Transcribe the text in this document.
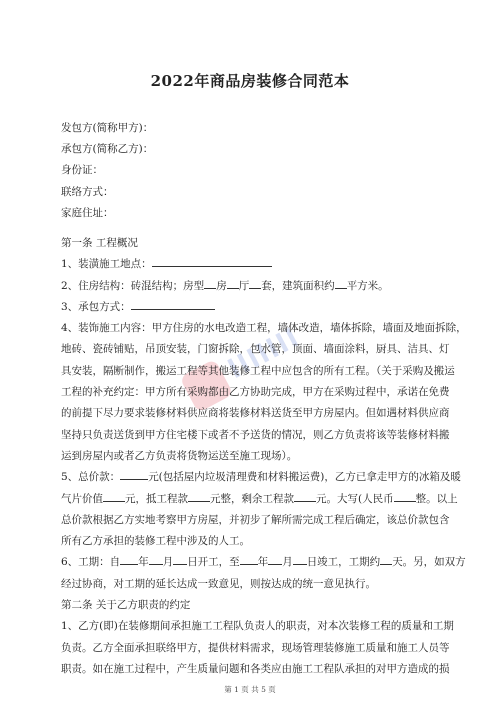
lllllll
2022年商品房装修合同范本
发包方(简称甲方)：
承包方(简称乙方)：
身份证：
联络方式：
家庭住址：
第一条 工程概况
1、装潢施工地点：
2、住房结构：砖混结构；房型 房 厅 套，建筑面积约 平方米。
3、承包方式：
4、装饰施工内容：甲方住房的水电改造工程，墙体改造，墙体拆除，墙面及地面拆除，
地砖、瓷砖铺贴，吊顶安装，门窗拆除，包水管，顶面、墙面涂料，厨具、洁具、灯
具安装，隔断制作，搬运工程等其他装修工程中应包含的所有工程。（关于采购及搬运
工程的补充约定：甲方所有采购都由乙方协助完成，甲方在采购过程中，承诺在免费
的前提下尽力要求装修材料供应商将装修材料送货至甲方房屋内。但如遇材料供应商
坚持只负责送货到甲方住宅楼下或者不予送货的情况，则乙方负责将该等装修材料搬
运到房屋内或者乙方负责将货物运送至施工现场）。
5、总价款：	元(包括屋内垃圾清理费和材料搬运费)，乙方已拿走甲方的冰箱及暖
气片价值 元，抵工程款 元整，剩余工程款 元。大写(人民币 整。以上
总价款根据乙方实地考察甲方房屋，并初步了解所需完成工程后确定，该总价款包含
所有乙方承担的装修工程中涉及的人工。
6、工期：自 年 月 日开工，至 年 月 日竣工，工期约 天。另，如双方
经过协商，对工期的延长达成一致意见，则按达成的统一意见执行。
第二条 关于乙方职责的约定
1、乙方(即)在装修期间承担施工工程队负责人的职责，对本次装修工程的质量和工期
负责。乙方全面承担联络甲方，提供材料需求，现场管理装修施工质量和施工人员等
职责。如在施工过程中，产生质量问题和各类应由施工工程队承担的对甲方造成的损
第 1 页 共 5 页
